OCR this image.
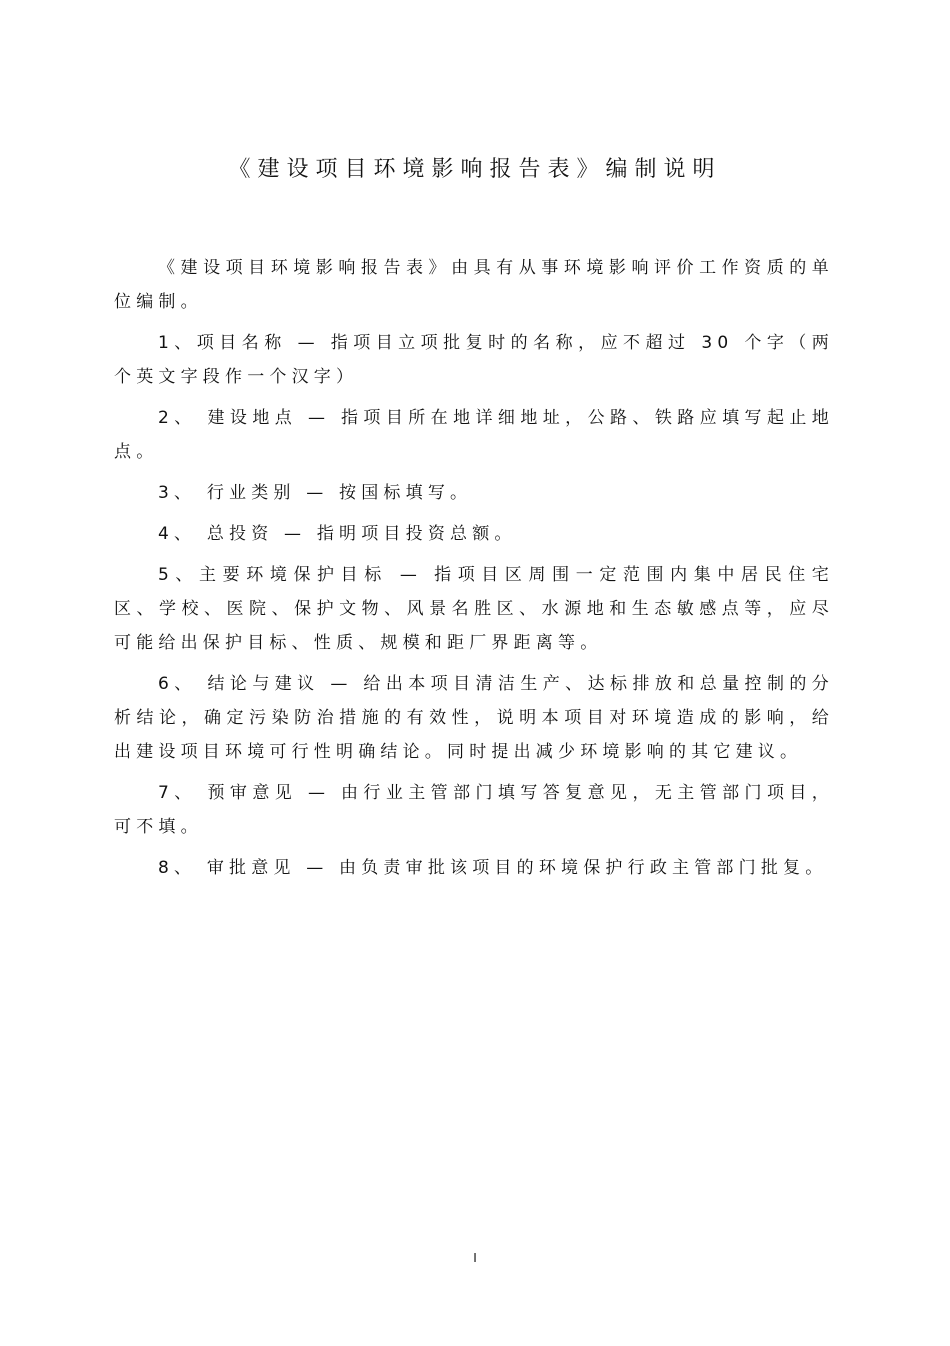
《建设项目环境影响报告表》编制说明

《建设项目环境影响报告表》由具有从事环境影响评价工作资质的单位编制。

1、项目名称 — 指项目立项批复时的名称，应不超过 30 个字（两个英文字段作一个汉字）

2、 建设地点 — 指项目所在地详细地址，公路、铁路应填写起止地点。

3、 行业类别 — 按国标填写。

4、 总投资 — 指明项目投资总额。

5、主要环境保护目标 — 指项目区周围一定范围内集中居民住宅区、学校、医院、保护文物、风景名胜区、水源地和生态敏感点等，应尽可能给出保护目标、性质、规模和距厂界距离等。

6、 结论与建议 — 给出本项目清洁生产、达标排放和总量控制的分析结论，确定污染防治措施的有效性，说明本项目对环境造成的影响，给出建设项目环境可行性明确结论。同时提出减少环境影响的其它建议。

7、 预审意见 — 由行业主管部门填写答复意见，无主管部门项目，可不填。

8、 审批意见 — 由负责审批该项目的环境保护行政主管部门批复。

I
